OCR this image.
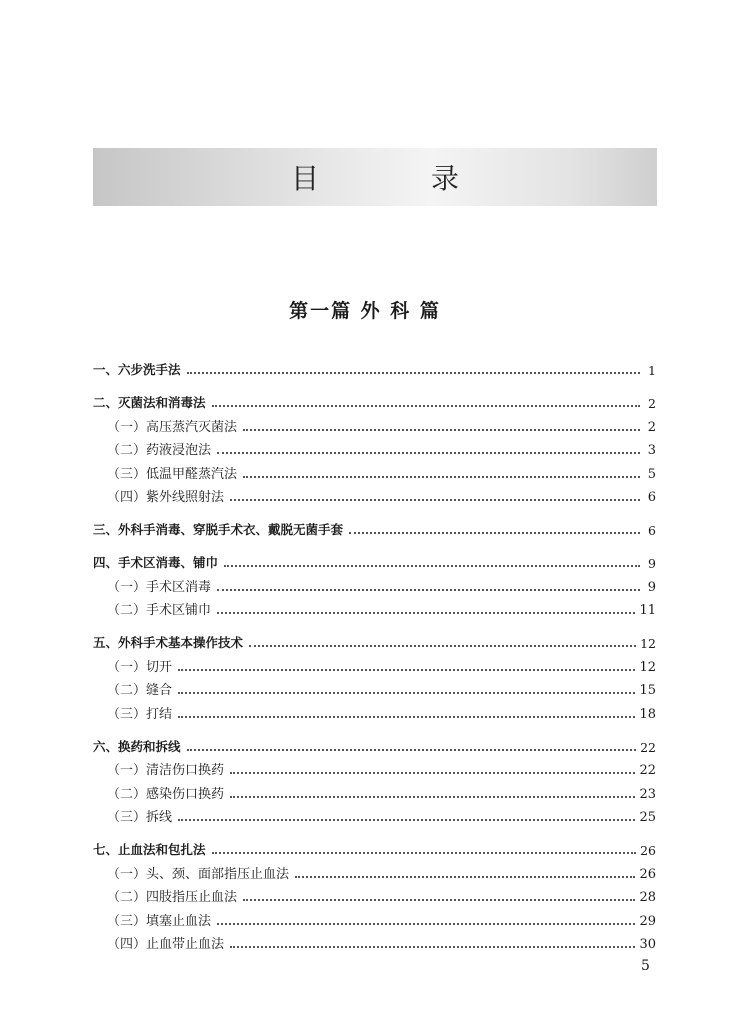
目　录
第一篇 外 科 篇
一、六步洗手法	1
二、灭菌法和消毒法	2
（一）高压蒸汽灭菌法	2
（二）药液浸泡法	3
（三）低温甲醛蒸汽法	5
（四）紫外线照射法	6
三、外科手消毒、穿脱手术衣、戴脱无菌手套	6
四、手术区消毒、铺巾	9
（一）手术区消毒	9
（二）手术区铺巾	11
五、外科手术基本操作技术	12
（一）切开	12
（二）缝合	15
（三）打结	18
六、换药和拆线	22
（一）清洁伤口换药	22
（二）感染伤口换药	23
（三）拆线	25
七、止血法和包扎法	26
（一）头、颈、面部指压止血法	26
（二）四肢指压止血法	28
（三）填塞止血法	29
（四）止血带止血法	30
5
